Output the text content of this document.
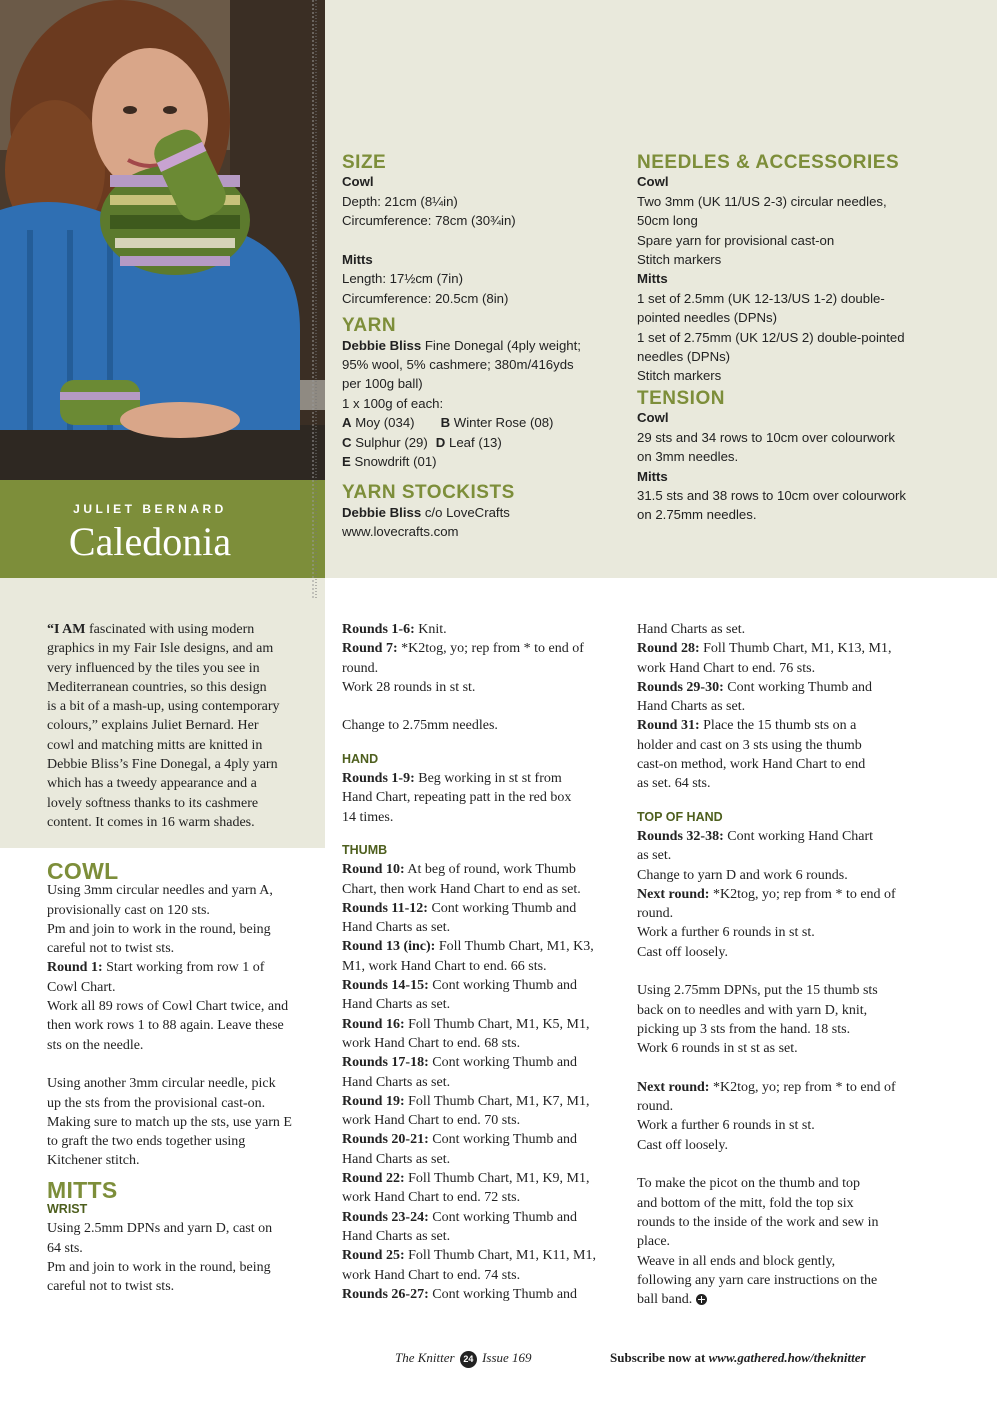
JULIET BERNARD
Caledonia
SIZE
Cowl
Depth: 21cm (8¼in)
Circumference: 78cm (30¾in)
Mitts
Length: 17½cm (7in)
Circumference: 20.5cm (8in)
YARN
Debbie Bliss Fine Donegal (4ply weight;
95% wool, 5% cashmere; 380m/416yds
per 100g ball)
1 x 100g of each:
A Moy (034) B Winter Rose (08)
C Sulphur (29) D Leaf (13)
E Snowdrift (01)
YARN STOCKISTS
Debbie Bliss c/o LoveCrafts
www.lovecrafts.com
NEEDLES & ACCESSORIES
Cowl
Two 3mm (UK 11/US 2-3) circular needles,
50cm long
Spare yarn for provisional cast-on
Stitch markers
Mitts
1 set of 2.5mm (UK 12-13/US 1-2) double-
pointed needles (DPNs)
1 set of 2.75mm (UK 12/US 2) double-pointed
needles (DPNs)
Stitch markers
TENSION
Cowl
29 sts and 34 rows to 10cm over colourwork
on 3mm needles.
Mitts
31.5 sts and 38 rows to 10cm over colourwork
on 2.75mm needles.
“I AM fascinated with using modern
graphics in my Fair Isle designs, and am
very influenced by the tiles you see in
Mediterranean countries, so this design
is a bit of a mash-up, using contemporary
colours,” explains Juliet Bernard. Her
cowl and matching mitts are knitted in
Debbie Bliss’s Fine Donegal, a 4ply yarn
which has a tweedy appearance and a
lovely softness thanks to its cashmere
content. It comes in 16 warm shades.
COWL
Using 3mm circular needles and yarn A,
provisionally cast on 120 sts.
Pm and join to work in the round, being
careful not to twist sts.
Round 1: Start working from row 1 of
Cowl Chart.
Work all 89 rows of Cowl Chart twice, and
then work rows 1 to 88 again. Leave these
sts on the needle.
Using another 3mm circular needle, pick
up the sts from the provisional cast-on.
Making sure to match up the sts, use yarn E
to graft the two ends together using
Kitchener stitch.
MITTS
WRIST
Using 2.5mm DPNs and yarn D, cast on
64 sts.
Pm and join to work in the round, being
careful not to twist sts.
Rounds 1-6: Knit.
Round 7: *K2tog, yo; rep from * to end of
round.
Work 28 rounds in st st.
Change to 2.75mm needles.
HAND
Rounds 1-9: Beg working in st st from
Hand Chart, repeating patt in the red box
14 times.
THUMB
Round 10: At beg of round, work Thumb
Chart, then work Hand Chart to end as set.
Rounds 11-12: Cont working Thumb and
Hand Charts as set.
Round 13 (inc): Foll Thumb Chart, M1, K3,
M1, work Hand Chart to end. 66 sts.
Rounds 14-15: Cont working Thumb and
Hand Charts as set.
Round 16: Foll Thumb Chart, M1, K5, M1,
work Hand Chart to end. 68 sts.
Rounds 17-18: Cont working Thumb and
Hand Charts as set.
Round 19: Foll Thumb Chart, M1, K7, M1,
work Hand Chart to end. 70 sts.
Rounds 20-21: Cont working Thumb and
Hand Charts as set.
Round 22: Foll Thumb Chart, M1, K9, M1,
work Hand Chart to end. 72 sts.
Rounds 23-24: Cont working Thumb and
Hand Charts as set.
Round 25: Foll Thumb Chart, M1, K11, M1,
work Hand Chart to end. 74 sts.
Rounds 26-27: Cont working Thumb and
Hand Charts as set.
Round 28: Foll Thumb Chart, M1, K13, M1,
work Hand Chart to end. 76 sts.
Rounds 29-30: Cont working Thumb and
Hand Charts as set.
Round 31: Place the 15 thumb sts on a
holder and cast on 3 sts using the thumb
cast-on method, work Hand Chart to end
as set. 64 sts.
TOP OF HAND
Rounds 32-38: Cont working Hand Chart
as set.
Change to yarn D and work 6 rounds.
Next round: *K2tog, yo; rep from * to end of
round.
Work a further 6 rounds in st st.
Cast off loosely.
Using 2.75mm DPNs, put the 15 thumb sts
back on to needles and with yarn D, knit,
picking up 3 sts from the hand. 18 sts.
Work 6 rounds in st st as set.
Next round: *K2tog, yo; rep from * to end of
round.
Work a further 6 rounds in st st.
Cast off loosely.
To make the picot on the thumb and top
and bottom of the mitt, fold the top six
rounds to the inside of the work and sew in
place.
Weave in all ends and block gently,
following any yarn care instructions on the
ball band.
The Knitter 24 Issue 169	Subscribe now at www.gathered.how/theknitter
